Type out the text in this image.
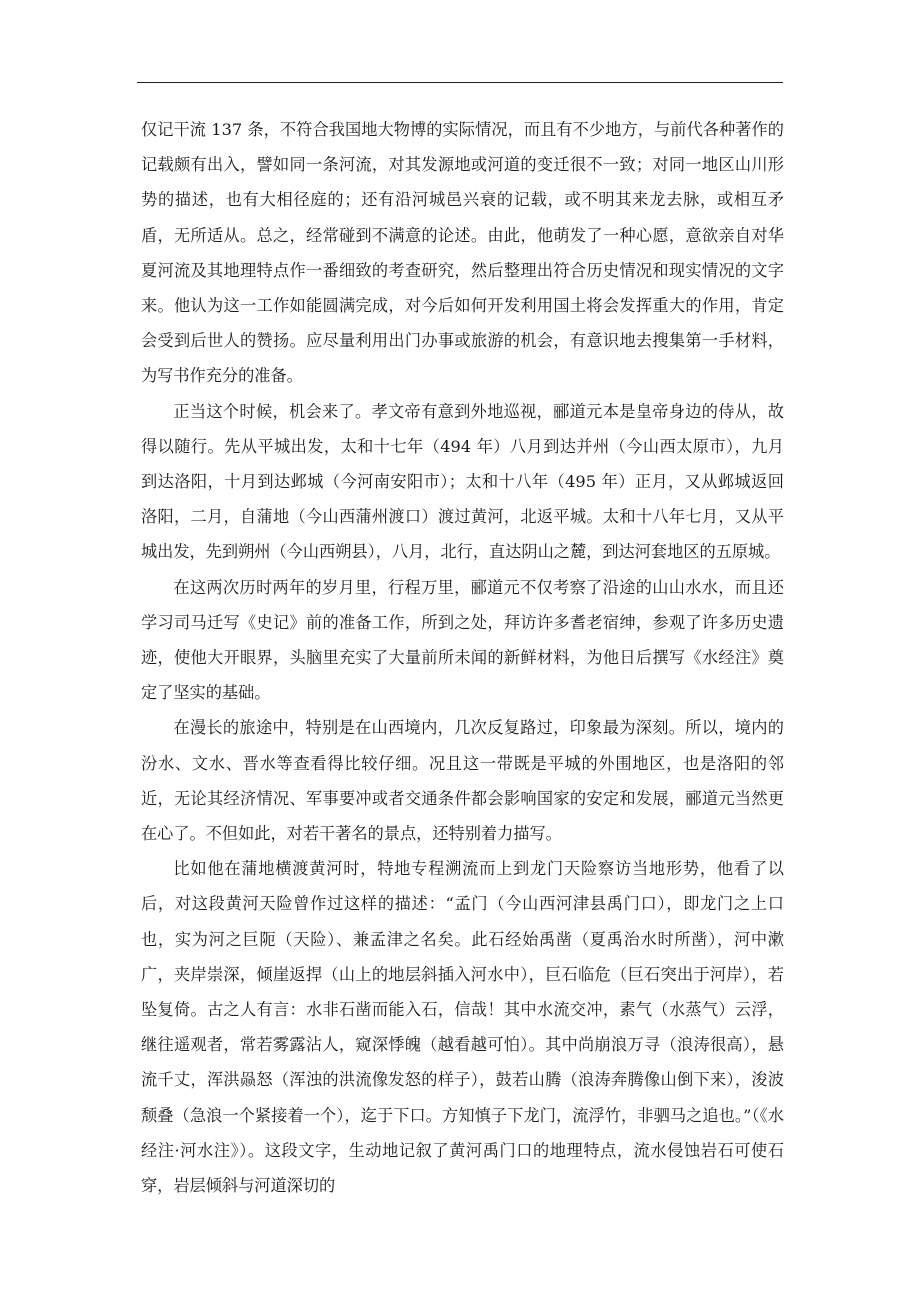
仅记干流 137 条，不符合我国地大物博的实际情况，而且有不少地方，与前代各种著作的记载颇有出入，譬如同一条河流，对其发源地或河道的变迁很不一致；对同一地区山川形势的描述，也有大相径庭的；还有沿河城邑兴衰的记载，或不明其来龙去脉，或相互矛盾，无所适从。总之，经常碰到不满意的论述。由此，他萌发了一种心愿，意欲亲自对华夏河流及其地理特点作一番细致的考查研究，然后整理出符合历史情况和现实情况的文字来。他认为这一工作如能圆满完成，对今后如何开发利用国土将会发挥重大的作用，肯定会受到后世人的赞扬。应尽量利用出门办事或旅游的机会，有意识地去搜集第一手材料，为写书作充分的准备。

正当这个时候，机会来了。孝文帝有意到外地巡视，郦道元本是皇帝身边的侍从，故得以随行。先从平城出发，太和十七年（494 年）八月到达并州（今山西太原市），九月到达洛阳，十月到达邺城（今河南安阳市）；太和十八年（495 年）正月，又从邺城返回洛阳，二月，自蒲地（今山西蒲州渡口）渡过黄河，北返平城。太和十八年七月，又从平城出发，先到朔州（今山西朔县），八月，北行，直达阴山之麓，到达河套地区的五原城。

在这两次历时两年的岁月里，行程万里，郦道元不仅考察了沿途的山山水水，而且还学习司马迁写《史记》前的准备工作，所到之处，拜访许多耆老宿绅，参观了许多历史遗迹，使他大开眼界，头脑里充实了大量前所未闻的新鲜材料，为他日后撰写《水经注》奠定了坚实的基础。

在漫长的旅途中，特别是在山西境内，几次反复路过，印象最为深刻。所以，境内的汾水、文水、晋水等查看得比较仔细。况且这一带既是平城的外围地区，也是洛阳的邻近，无论其经济情况、军事要冲或者交通条件都会影响国家的安定和发展，郦道元当然更在心了。不但如此，对若干著名的景点，还特别着力描写。

比如他在蒲地横渡黄河时，特地专程溯流而上到龙门天险察访当地形势，他看了以后，对这段黄河天险曾作过这样的描述：“孟门（今山西河津县禹门口），即龙门之上口也，实为河之巨阨（天险）、兼孟津之名矣。此石经始禹凿（夏禹治水时所凿），河中漱广，夹岸崇深，倾崖返捍（山上的地层斜插入河水中），巨石临危（巨石突出于河岸），若坠复倚。古之人有言：水非石凿而能入石，信哉！其中水流交冲，素气（水蒸气）云浮，继往遥观者，常若雾露沾人，窥深悸魄（越看越可怕）。其中尚崩浪万寻（浪涛很高），悬流千丈，浑洪赑怒（浑浊的洪流像发怒的样子），鼓若山腾（浪涛奔腾像山倒下来），浚波颓叠（急浪一个紧接着一个），迄于下口。方知慎子下龙门，流浮竹，非驷马之追也。”（《水经注·河水注》）。这段文字，生动地记叙了黄河禹门口的地理特点，流水侵蚀岩石可使石穿，岩层倾斜与河道深切的
